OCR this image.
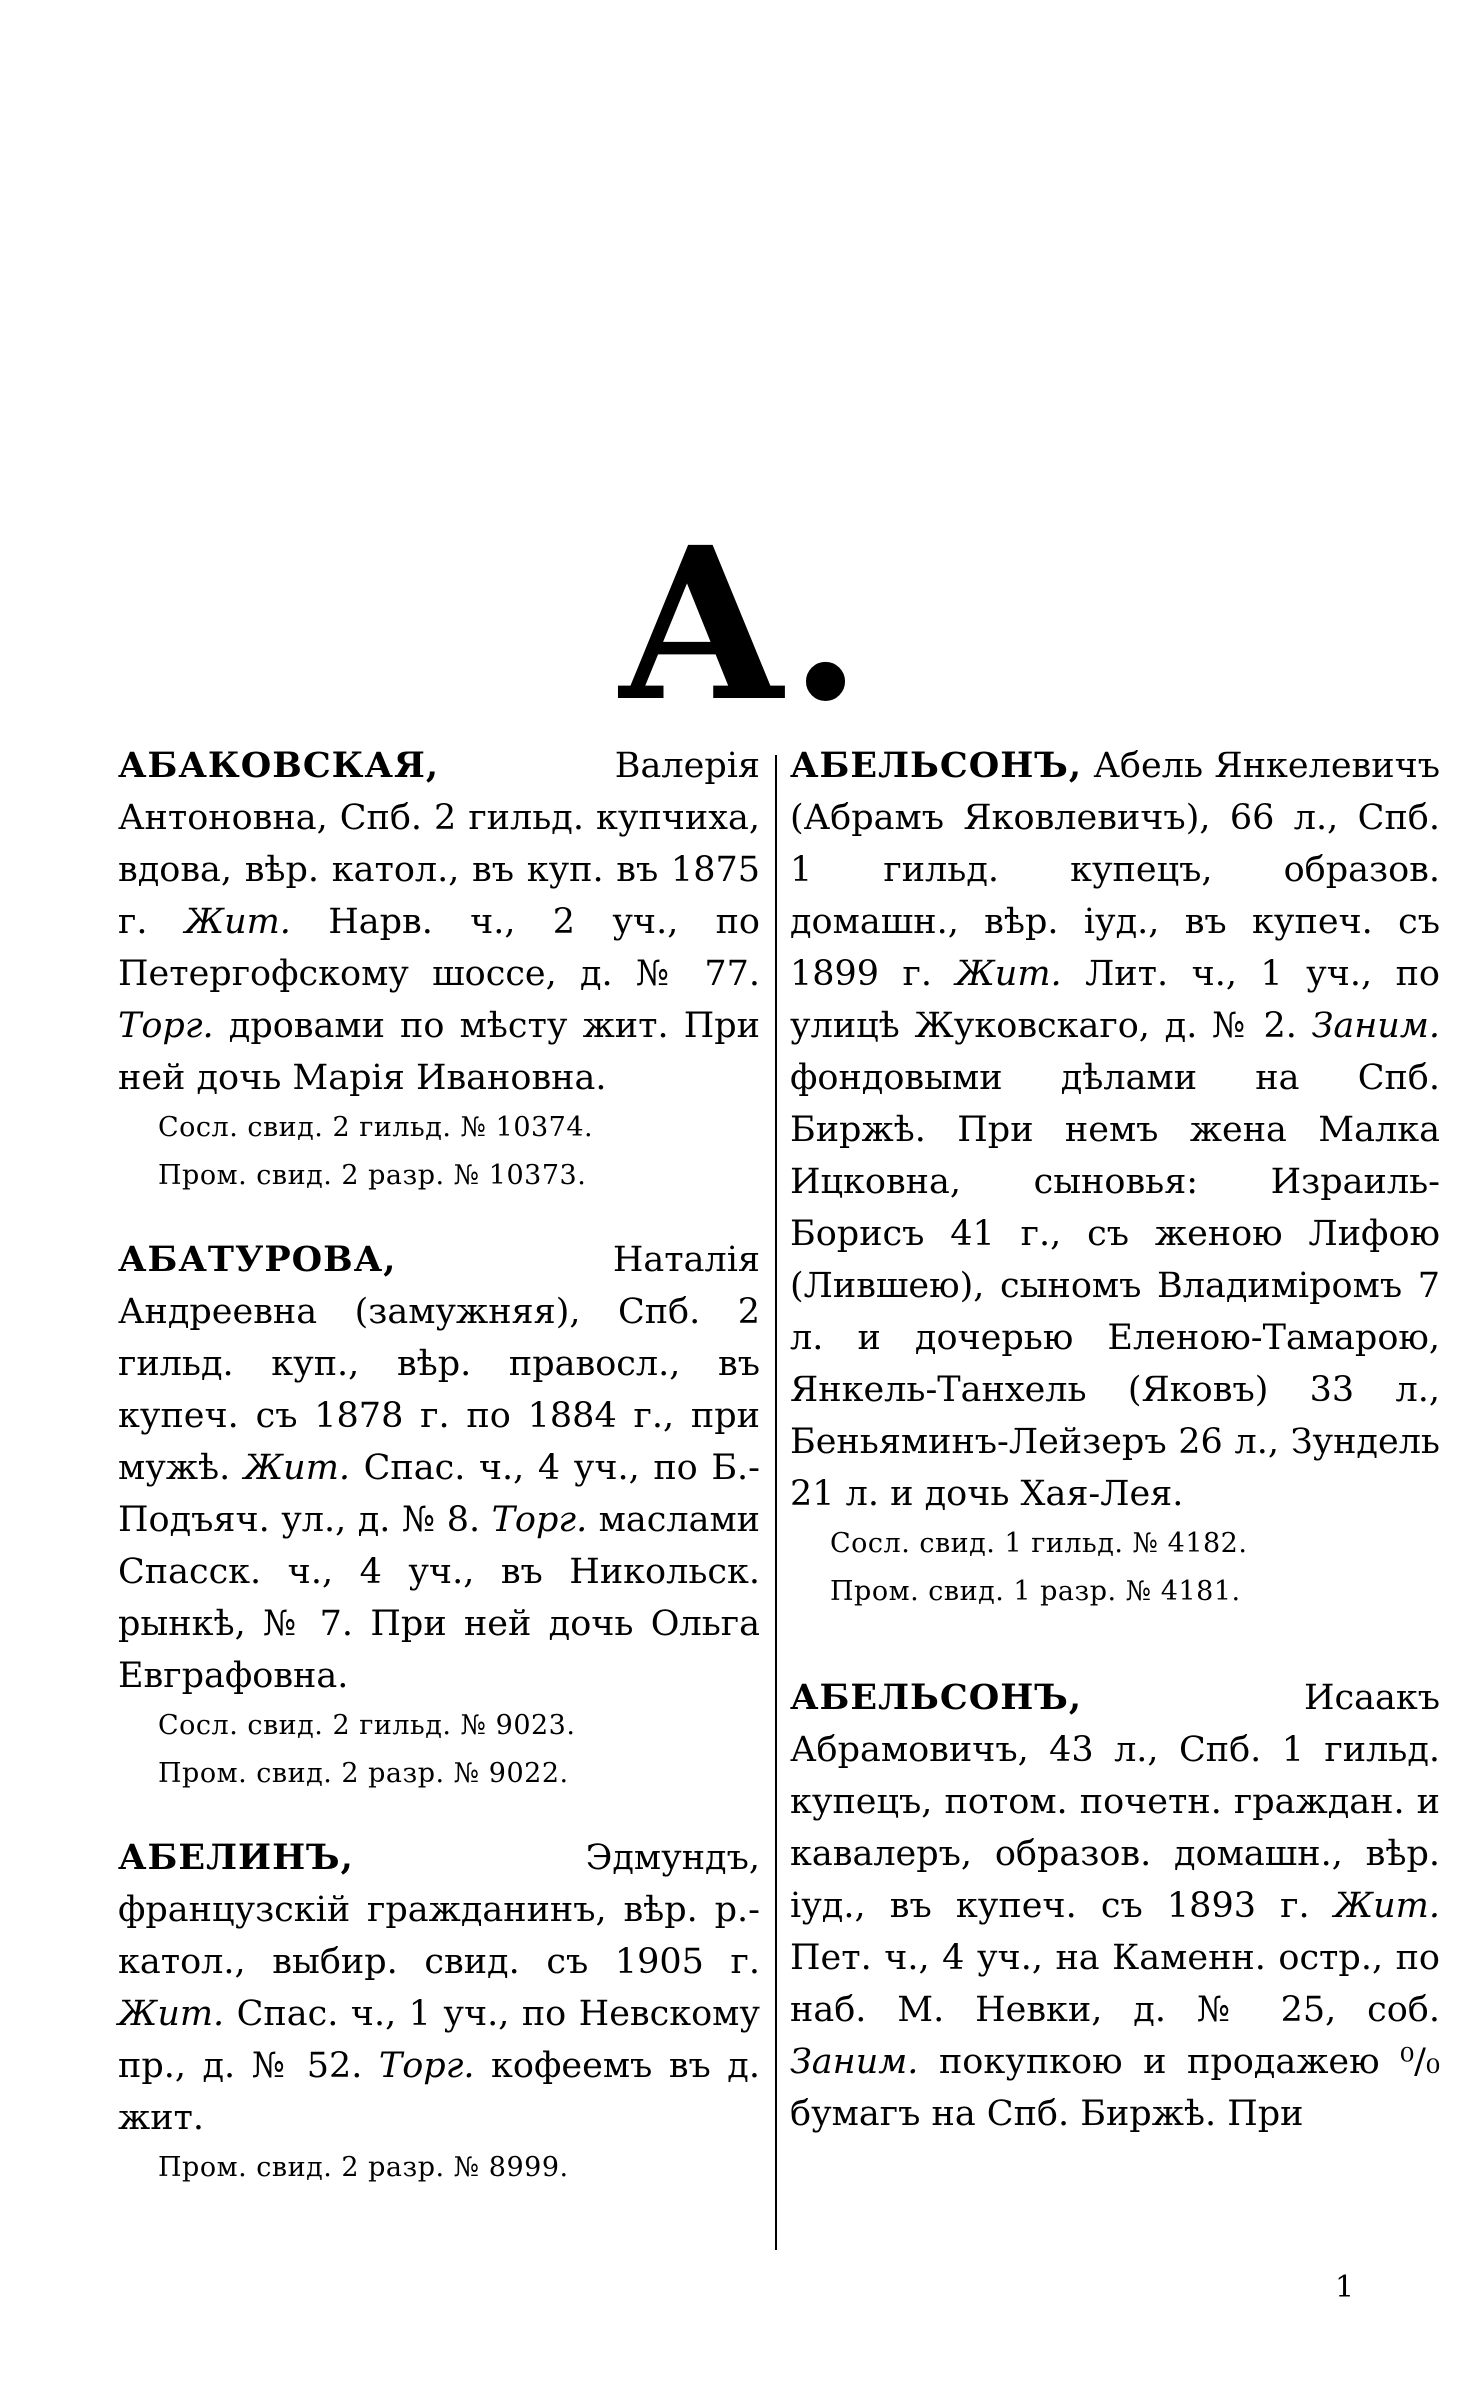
А.

АБАКОВСКАЯ, Валерія Антоновна, Спб. 2 гильд. купчиха, вдова, вѣр. катол., въ куп. въ 1875 г. Жит. Нарв. ч., 2 уч., по Петергофскому шоссе, д. № 77. Торг. дровами по мѣсту жит. При ней дочь Марія Ивановна.

Сосл. свид. 2 гильд. № 10374.
Пром. свид. 2 разр. № 10373.

АБАТУРОВА, Наталія Андреевна (замужняя), Спб. 2 гильд. куп., вѣр. правосл., въ купеч. съ 1878 г. по 1884 г., при мужѣ. Жит. Спас. ч., 4 уч., по Б.-Подъяч. ул., д. № 8. Торг. маслами Спасск. ч., 4 уч., въ Никольск. рынкѣ, № 7. При ней дочь Ольга Евграфовна.

Сосл. свид. 2 гильд. № 9023.
Пром. свид. 2 разр. № 9022.

АБЕЛИНЪ, Эдмундъ, французскій гражданинъ, вѣр. р.-катол., выбир. свид. съ 1905 г. Жит. Спас. ч., 1 уч., по Невскому пр., д. № 52. Торг. кофеемъ въ д. жит.

Пром. свид. 2 разр. № 8999.

АБЕЛЬСОНЪ, Абель Янкелевичъ (Абрамъ Яковлевичъ), 66 л., Спб. 1 гильд. купецъ, образов. домашн., вѣр. іуд., въ купеч. съ 1899 г. Жит. Лит. ч., 1 уч., по улицѣ Жуковскаго, д. № 2. Заним. фондовыми дѣлами на Спб. Биржѣ. При немъ жена Малка Ицковна, сыновья: Израиль-Борисъ 41 г., съ женою Лифою (Лившею), сыномъ Владиміромъ 7 л. и дочерью Еленою-Тамарою, Янкель-Танхель (Яковъ) 33 л., Беньяминъ-Лейзеръ 26 л., Зундель 21 л. и дочь Хая-Лея.

Сосл. свид. 1 гильд. № 4182.
Пром. свид. 1 разр. № 4181.

АБЕЛЬСОНЪ, Исаакъ Абрамовичъ, 43 л., Спб. 1 гильд. купецъ, потом. почетн. граждан. и кавалеръ, образов. домашн., вѣр. іуд., въ купеч. съ 1893 г. Жит. Пет. ч., 4 уч., на Каменн. остр., по наб. М. Невки, д. № 25, соб. Заним. покупкою и продажею ⁰/₀ бумагъ на Спб. Биржѣ. При

1
